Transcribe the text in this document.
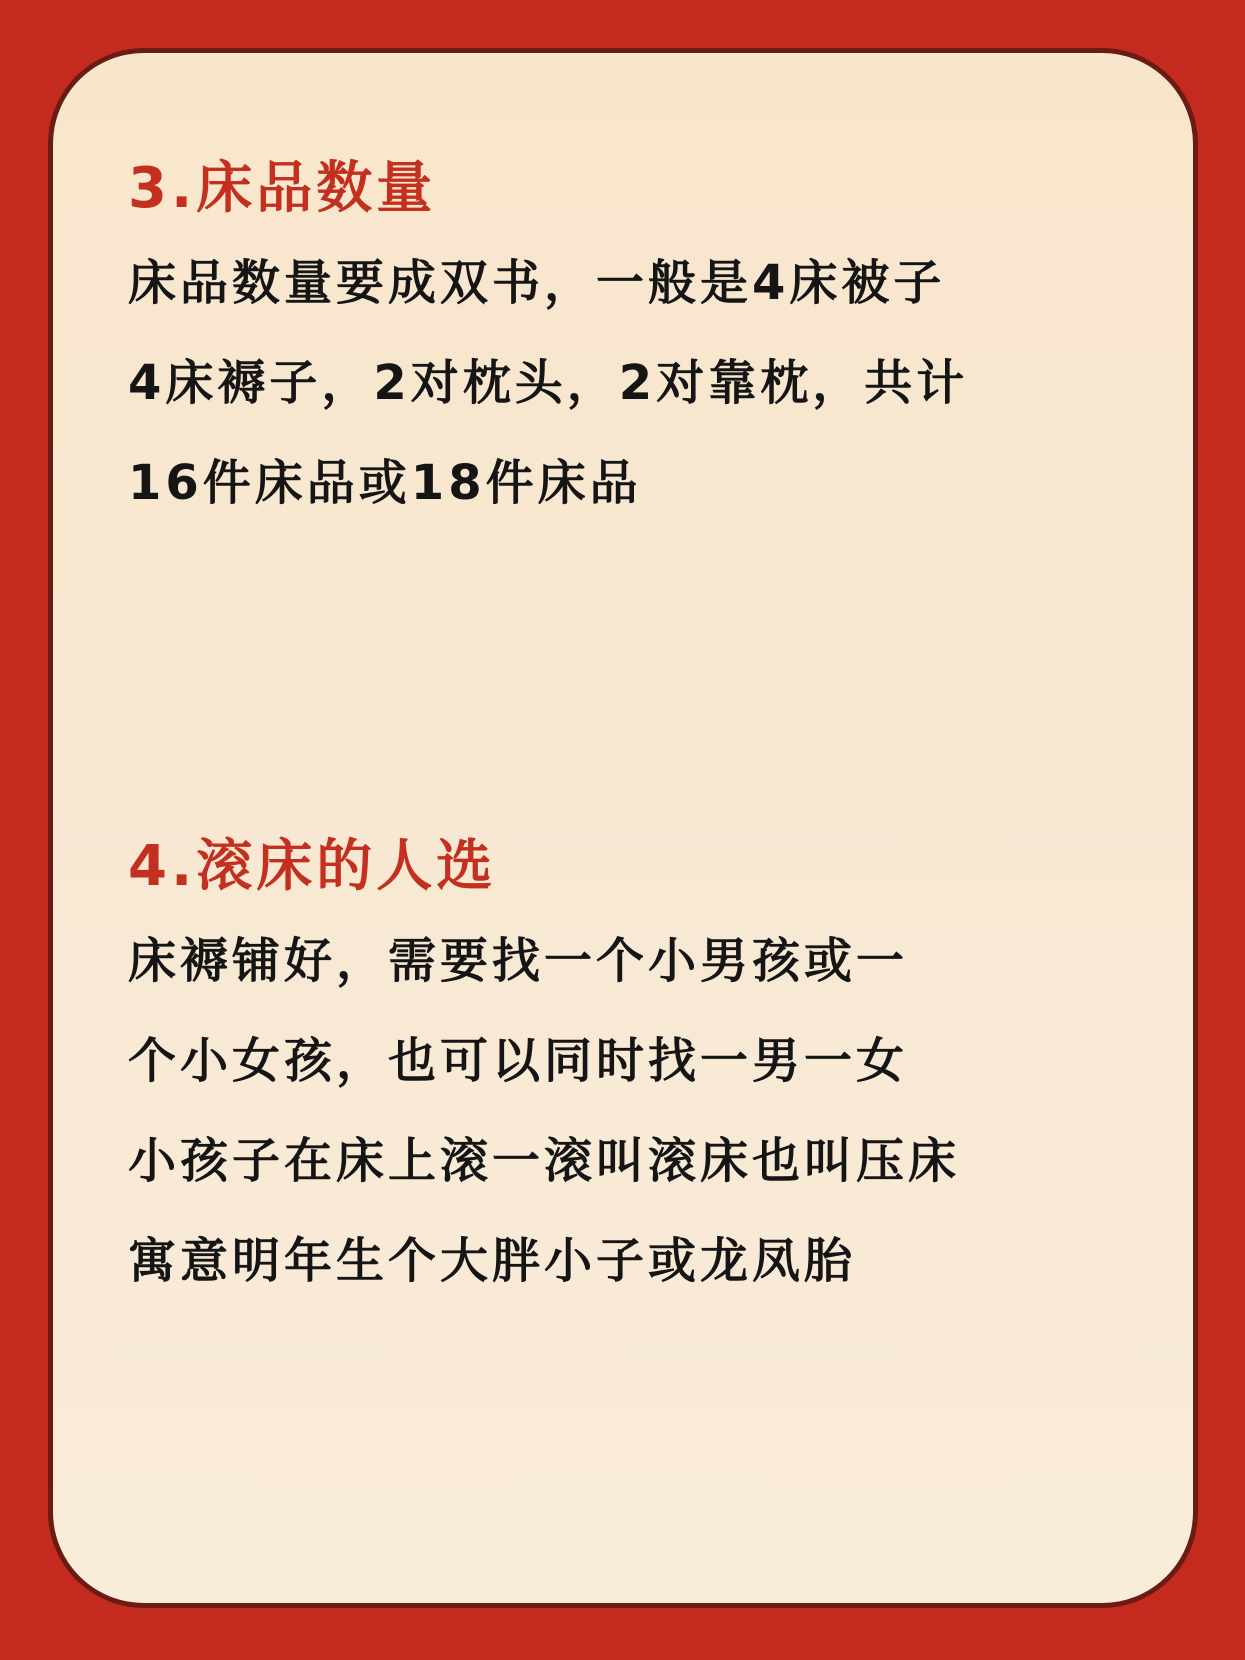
3.床品数量

床品数量要成双书，一般是4床被子

4床褥子，2对枕头，2对靠枕，共计

16件床品或18件床品

4.滚床的人选

床褥铺好，需要找一个小男孩或一

个小女孩，也可以同时找一男一女

小孩子在床上滚一滚叫滚床也叫压床

寓意明年生个大胖小子或龙凤胎
